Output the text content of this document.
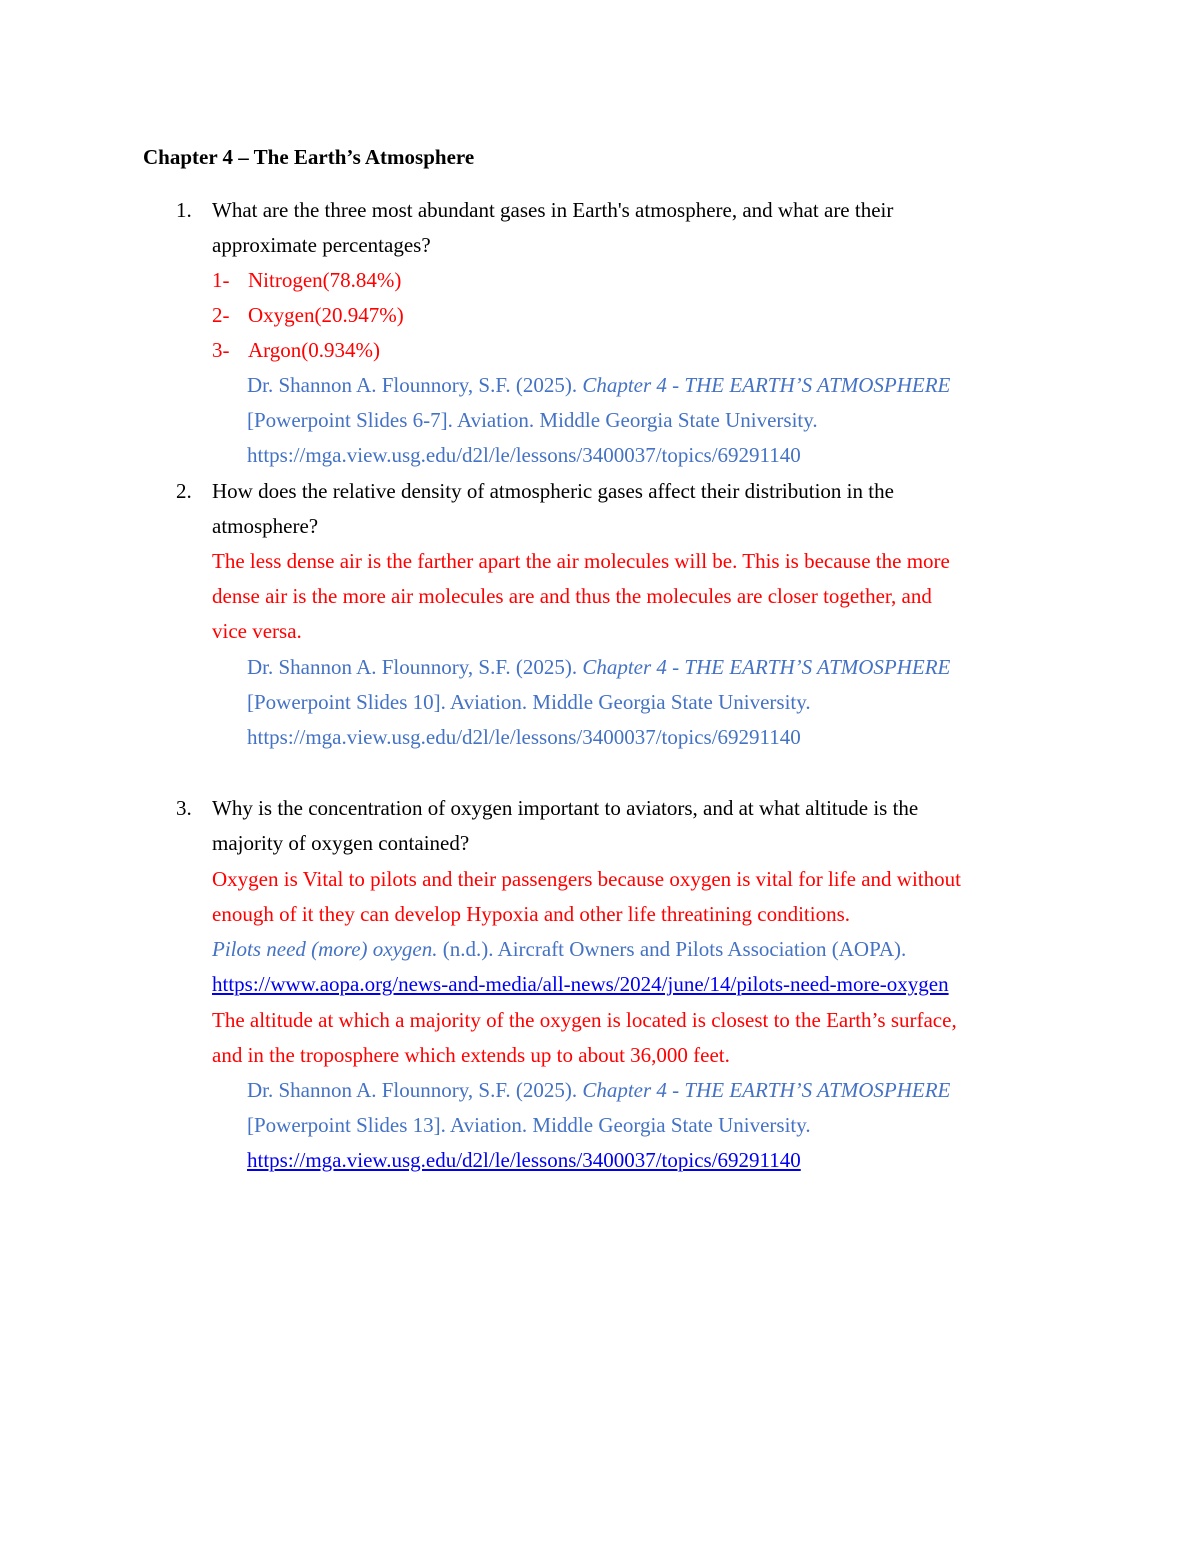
Chapter 4 – The Earth’s Atmosphere
1. What are the three most abundant gases in Earth's atmosphere, and what are their
approximate percentages?
1- Nitrogen(78.84%)
2- Oxygen(20.947%)
3- Argon(0.934%)
Dr. Shannon A. Flounnory, S.F. (2025). Chapter 4 - THE EARTH’S ATMOSPHERE
[Powerpoint Slides 6-7]. Aviation. Middle Georgia State University.
https://mga.view.usg.edu/d2l/le/lessons/3400037/topics/69291140
2. How does the relative density of atmospheric gases affect their distribution in the
atmosphere?
The less dense air is the farther apart the air molecules will be. This is because the more
dense air is the more air molecules are and thus the molecules are closer together, and
vice versa.
Dr. Shannon A. Flounnory, S.F. (2025). Chapter 4 - THE EARTH’S ATMOSPHERE
[Powerpoint Slides 10]. Aviation. Middle Georgia State University.
https://mga.view.usg.edu/d2l/le/lessons/3400037/topics/69291140
3. Why is the concentration of oxygen important to aviators, and at what altitude is the
majority of oxygen contained?
Oxygen is Vital to pilots and their passengers because oxygen is vital for life and without
enough of it they can develop Hypoxia and other life threatining conditions.
Pilots need (more) oxygen. (n.d.). Aircraft Owners and Pilots Association (AOPA).
https://www.aopa.org/news-and-media/all-news/2024/june/14/pilots-need-more-oxygen
The altitude at which a majority of the oxygen is located is closest to the Earth’s surface,
and in the troposphere which extends up to about 36,000 feet.
Dr. Shannon A. Flounnory, S.F. (2025). Chapter 4 - THE EARTH’S ATMOSPHERE
[Powerpoint Slides 13]. Aviation. Middle Georgia State University.
https://mga.view.usg.edu/d2l/le/lessons/3400037/topics/69291140
